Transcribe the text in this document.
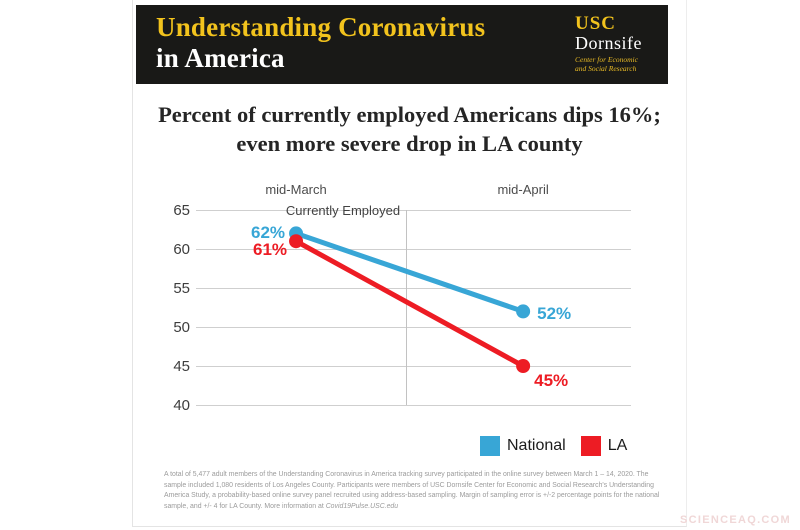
Understanding Coronavirus
in America
USC
Dornsife
Center for Economic
and Social Research
Percent of currently employed Americans dips 16%;
even more severe drop in LA county
65
60
55
50
45
40
mid-March	mid-April
62%
52%
61%
45%
Currently Employed
National	LA
A total of 5,477 adult members of the Understanding Coronavirus in America tracking survey participated in the online survey between March 1 – 14, 2020. The sample included 1,080 residents of Los Angeles County. Participants were members of USC Dornsife Center for Economic and Social Research's Understanding America Study, a probability-based online survey panel recruited using address-based sampling. Margin of sampling error is +/-2 percentage points for the national sample, and +/- 4 for LA County. More information at Covid19Pulse.USC.edu
SCIENCEAQ.COM
